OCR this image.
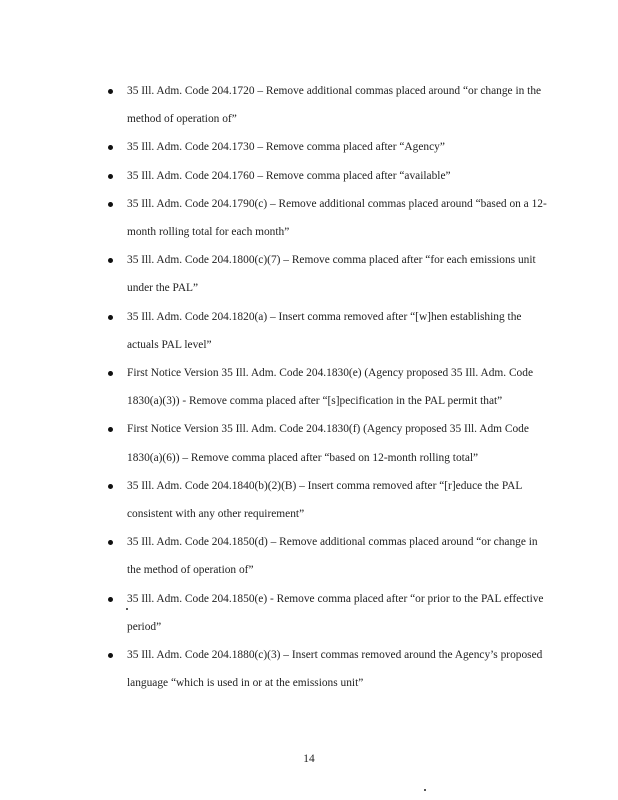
35 Ill. Adm. Code 204.1720 – Remove additional commas placed around “or change in the method of operation of”
35 Ill. Adm. Code 204.1730 – Remove comma placed after “Agency”
35 Ill. Adm. Code 204.1760 – Remove comma placed after “available”
35 Ill. Adm. Code 204.1790(c) – Remove additional commas placed around “based on a 12-month rolling total for each month”
35 Ill. Adm. Code 204.1800(c)(7) – Remove comma placed after “for each emissions unit under the PAL”
35 Ill. Adm. Code 204.1820(a) – Insert comma removed after “[w]hen establishing the actuals PAL level”
First Notice Version 35 Ill. Adm. Code 204.1830(e) (Agency proposed 35 Ill. Adm. Code 1830(a)(3)) - Remove comma placed after “[s]pecification in the PAL permit that”
First Notice Version 35 Ill. Adm. Code 204.1830(f) (Agency proposed 35 Ill. Adm Code 1830(a)(6)) – Remove comma placed after “based on 12-month rolling total”
35 Ill. Adm. Code 204.1840(b)(2)(B) – Insert comma removed after “[r]educe the PAL consistent with any other requirement”
35 Ill. Adm. Code 204.1850(d) – Remove additional commas placed around “or change in the method of operation of”
35 Ill. Adm. Code 204.1850(e) - Remove comma placed after “or prior to the PAL effective period”
35 Ill. Adm. Code 204.1880(c)(3) – Insert commas removed around the Agency’s proposed language “which is used in or at the emissions unit”
14
